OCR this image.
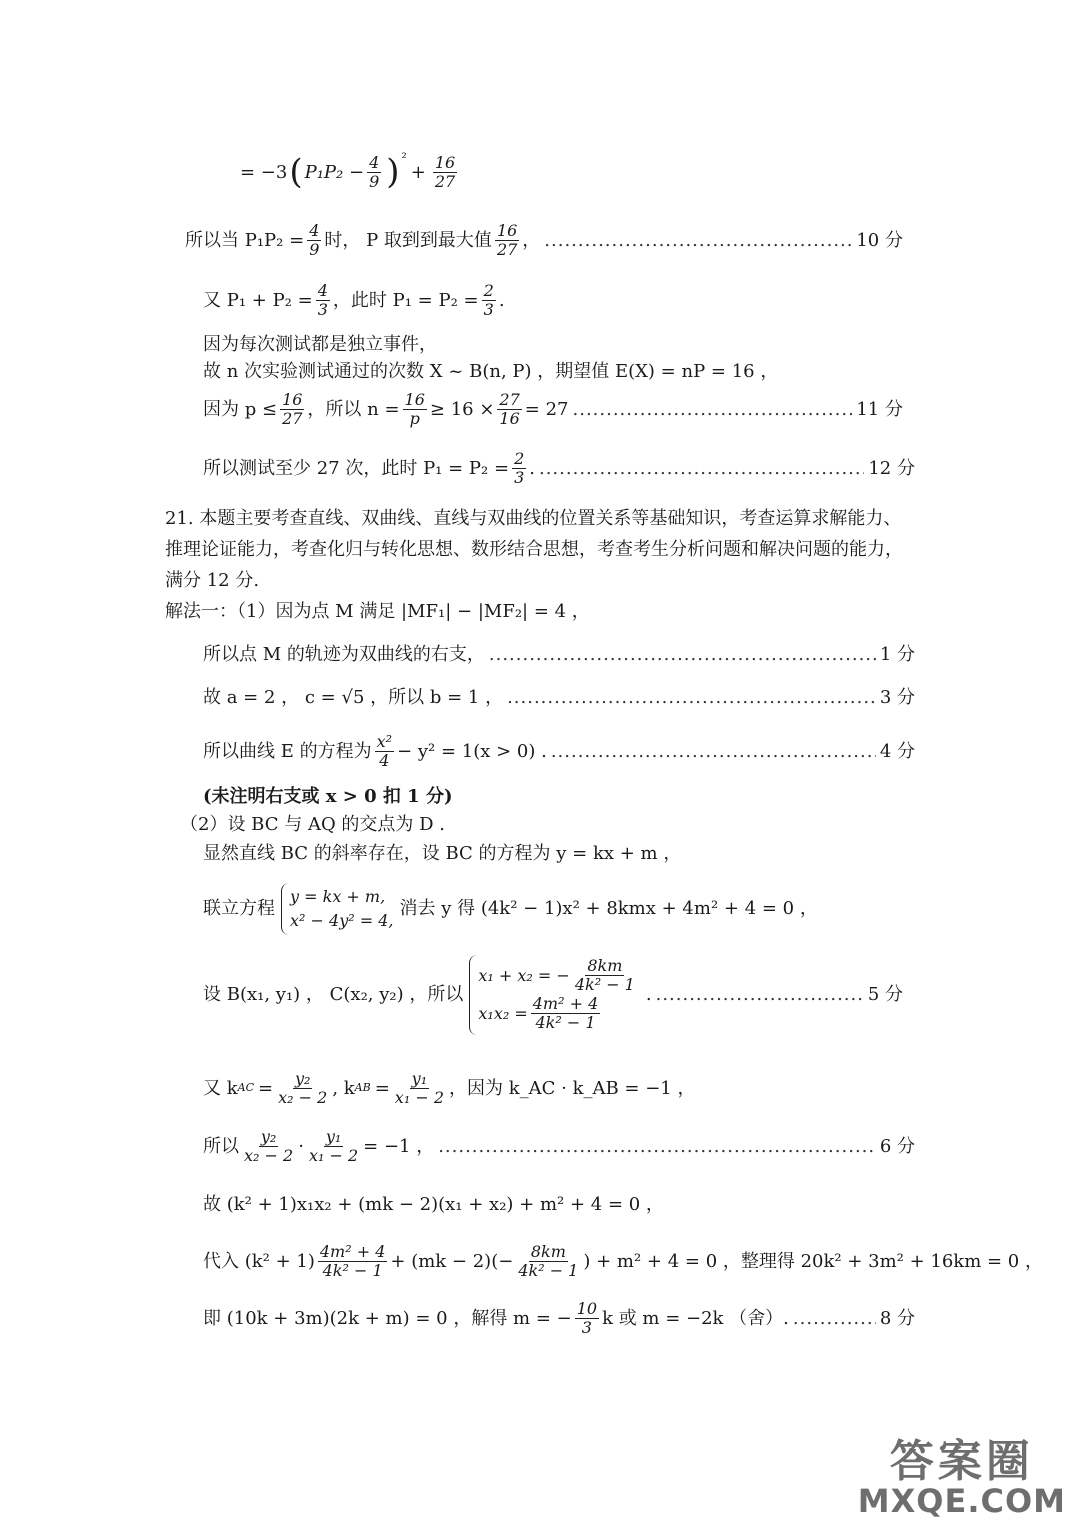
= −3 ( $P_1P_2 - \frac{4}{9}$ ) ²
+ $\frac{16}{27}$
所以当 $P_1P_2 = \frac{4}{9}$ 时， P 取到到最大值 16
27 ， .....	10 分
又 $P_1 + P_2 = \frac{4}{3}$ ，此时 $P_1 = P_2 = \frac{2}{3}$ .
因为每次测试都是独立事件，
故 n 次实验测试通过的次数 X ~ B(n, P) ，期望值 E(X) = nP = 16 ，
因为 $p \le \frac{16}{27}$ ，所以 $n = \frac{16}{p} \ge 16 \times \frac{27}{16} = 27$ .....	11 分
所以测试至少 27 次，此时 $P_1 = P_2 = \frac{2}{3}$ . .....	12 分
21. 本题主要考查直线、双曲线、直线与双曲线的位置关系等基础知识，考查运算求解能力、推理论证能力，考查化归与转化思想、数形结合思想，考查考生分析问题和解决问题的能力，满分 12 分.
解法一：（1）因为点 M 满足 |MF₁| − |MF₂| = 4 ，
所以点 M 的轨迹为双曲线的右支， .....	1 分
故 a = 2 ， c = √5 ，所以 b = 1 ， .....	3 分
所以曲线 E 的方程为 x²
4 − y² = 1(x > 0) . .....	4 分
(未注明右支或 x > 0 扣 1 分)
（2）设 BC 与 AQ 的交点为 D .
显然直线 BC 的斜率存在，设 BC 的方程为 y = kx + m ，
联立方程
y = kx + m,
x² − 4y² = 4,
消去 y 得 (4k² − 1)x² + 8kmx + 4m² + 4 = 0 ，
设 B(x₁, y₁) ， C(x₂, y₂) ，所以
x₁ + x₂ = − $\frac{8km}{\text{4k² − 1}}$
$x_1x_2 = \frac{\text{4m² + 4}}{\text{4k² − 1}}$
. .....	5 分
又 k AC = $\frac{\text{y₂}}{\text{x₂ − 2}}$ , k AB = $\frac{\text{y₁}}{\text{x₁ − 2}}$ ，因为 k_AC · k_AB = −1 ，
所以 y₂
$x_2 - 2 \cdot \frac{\text{y₁}}{\text{x₁ − 2}} = -1$ ， .....	6 分
故 (k² + 1)x₁x₂ + (mk − 2)(x₁ + x₂) + m² + 4 = 0 ，
代入 (k² + 1) 4m² + 4
$4k^2 - 1 + (mk - 2)(- \frac{8km}{\text{4k² − 1}}$ ) + m² + 4 = 0 ，整理得 20k² + 3m² + 16km = 0 ，
即 (10k + 3m)(2k + m) = 0 ，解得 m = − $\frac{10}{3}$ k 或 m = −2k （舍）. .....	8 分
答案圈
MXQE.COM
